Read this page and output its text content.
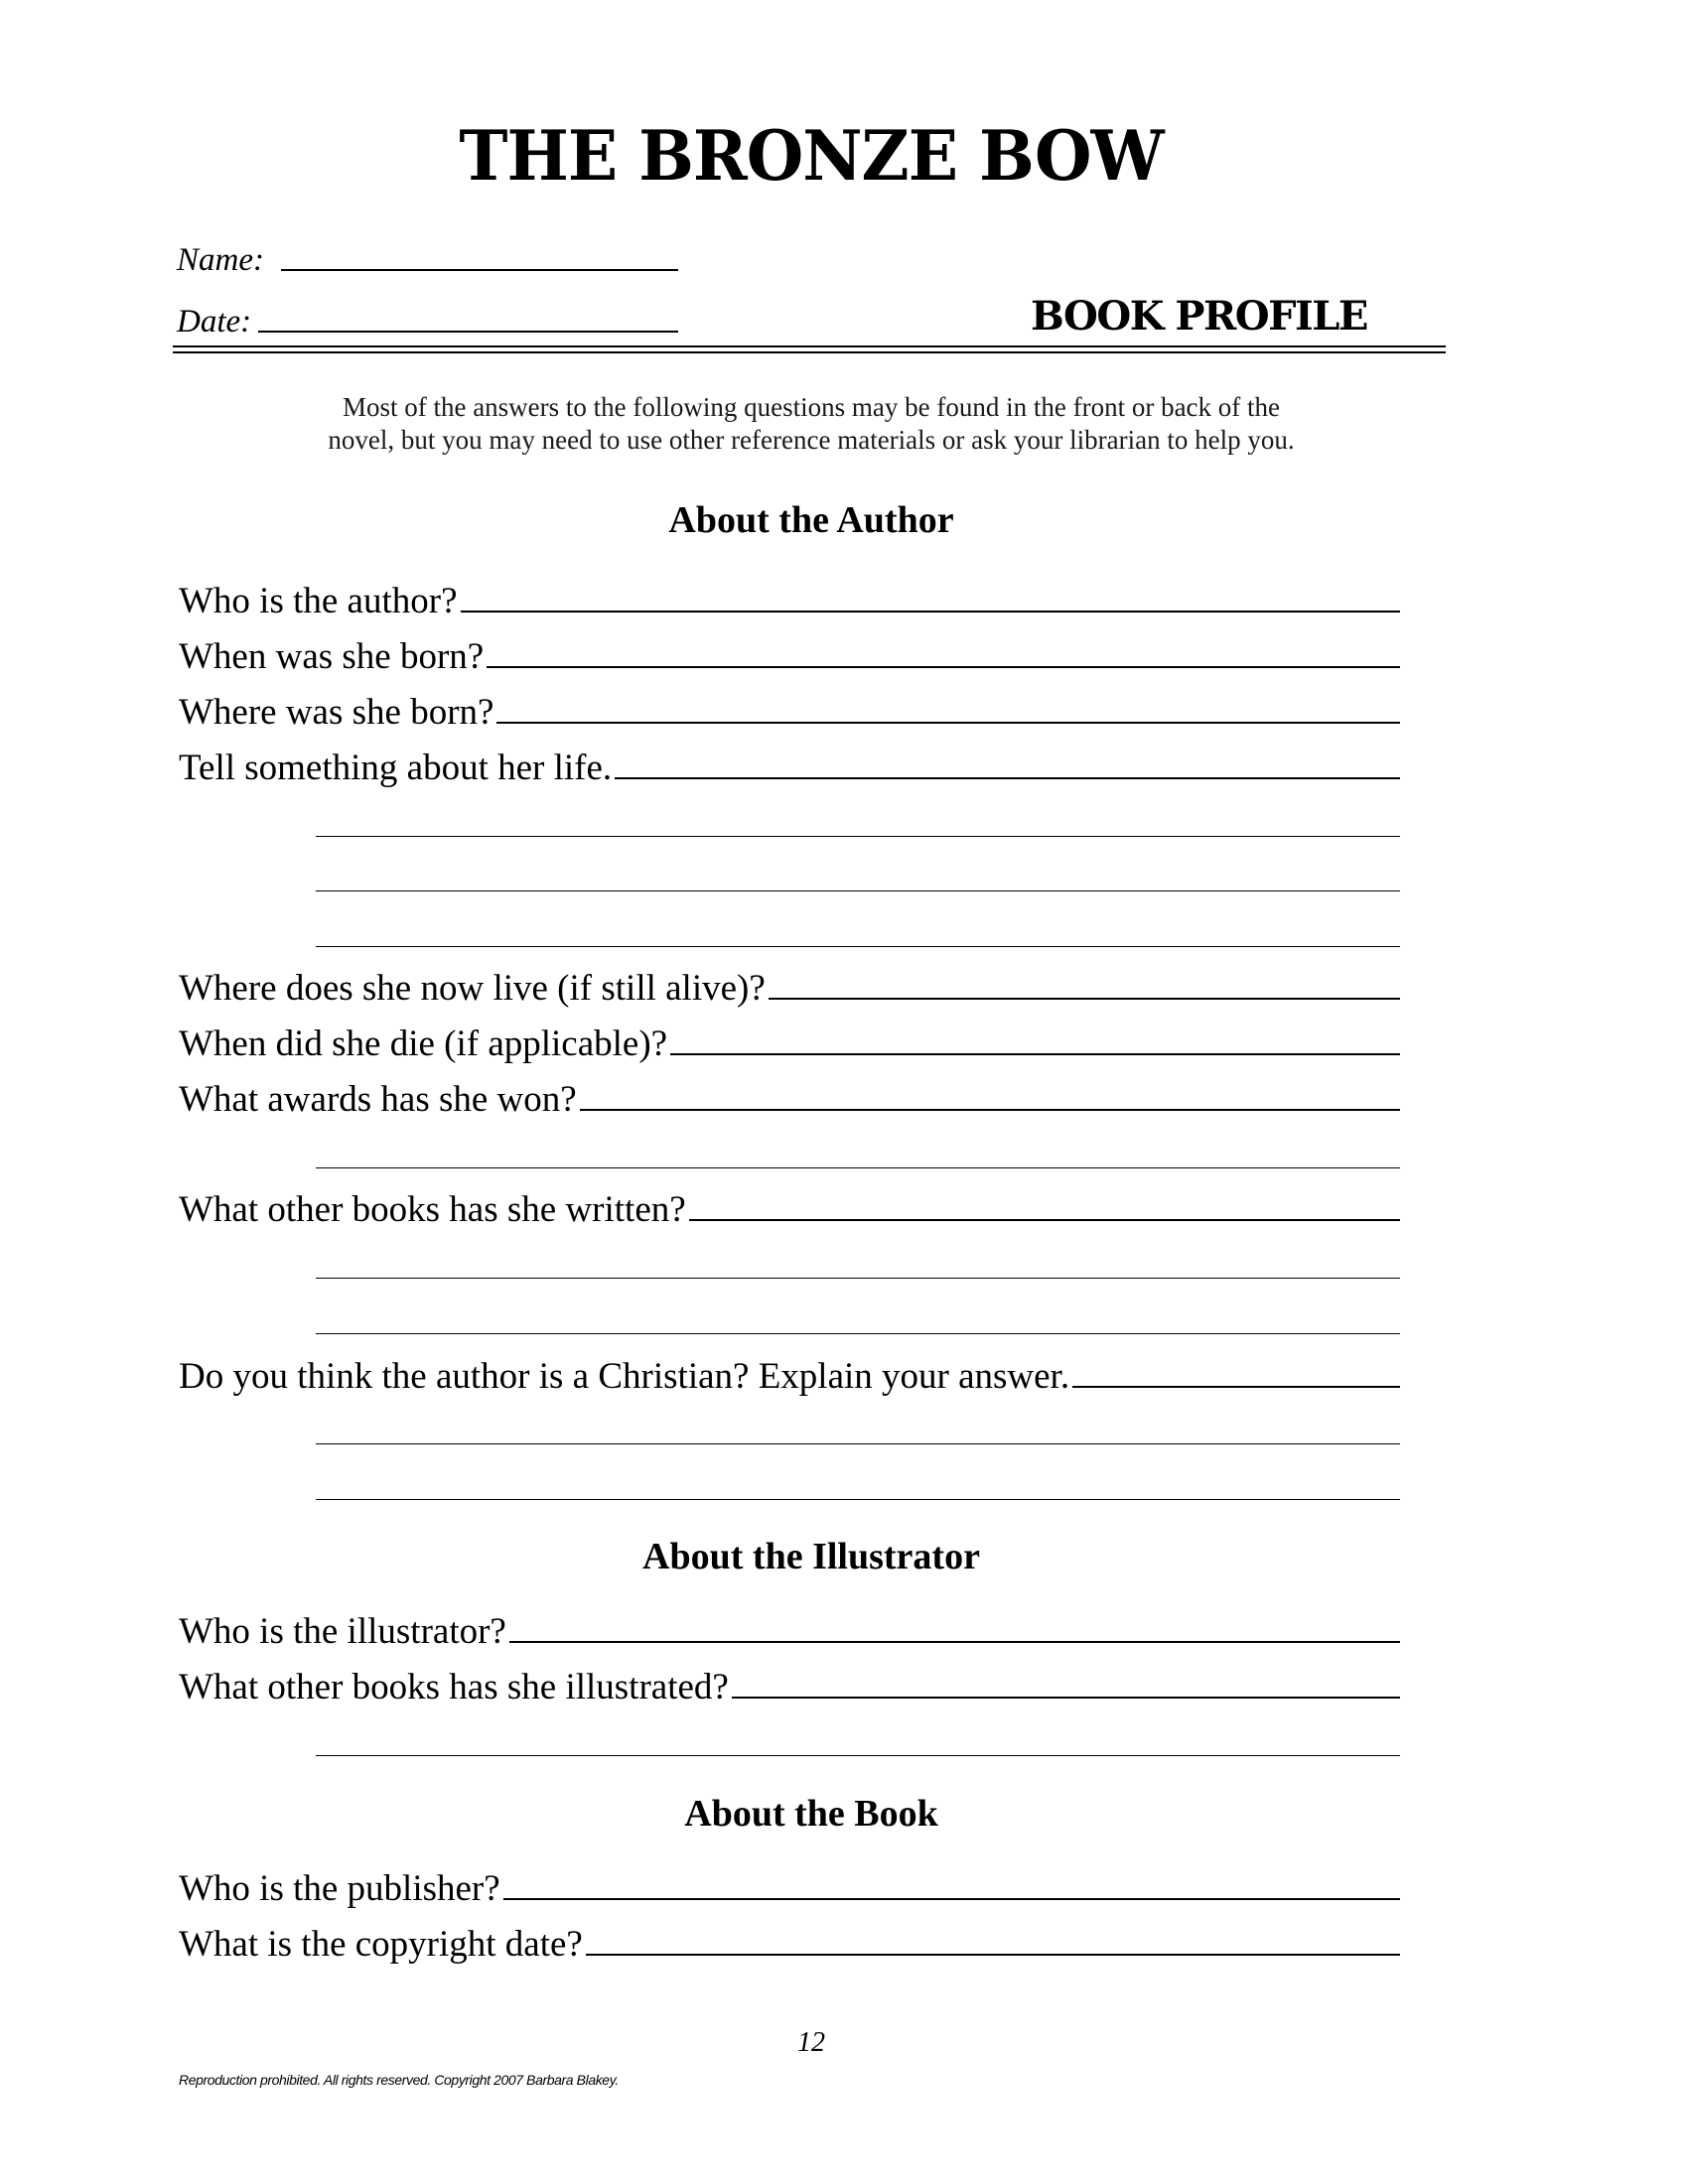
THE BRONZE BOW
Name:
Date:	BOOK PROFILE

Most of the answers to the following questions may be found in the front or back of the

novel, but you may need to use other reference materials or ask your librarian to help you.

About the Author
Who is the author?
When was she born?
Where was she born?
Tell something about her life.
Where does she now live (if still alive)?
When did she die (if applicable)?
What awards has she won?
What other books has she written?
Do you think the author is a Christian? Explain your answer.
About the Illustrator
Who is the illustrator?
What other books has she illustrated?
About the Book
Who is the publisher?
What is the copyright date?
12
Reproduction prohibited. All rights reserved. Copyright 2007 Barbara Blakey.
